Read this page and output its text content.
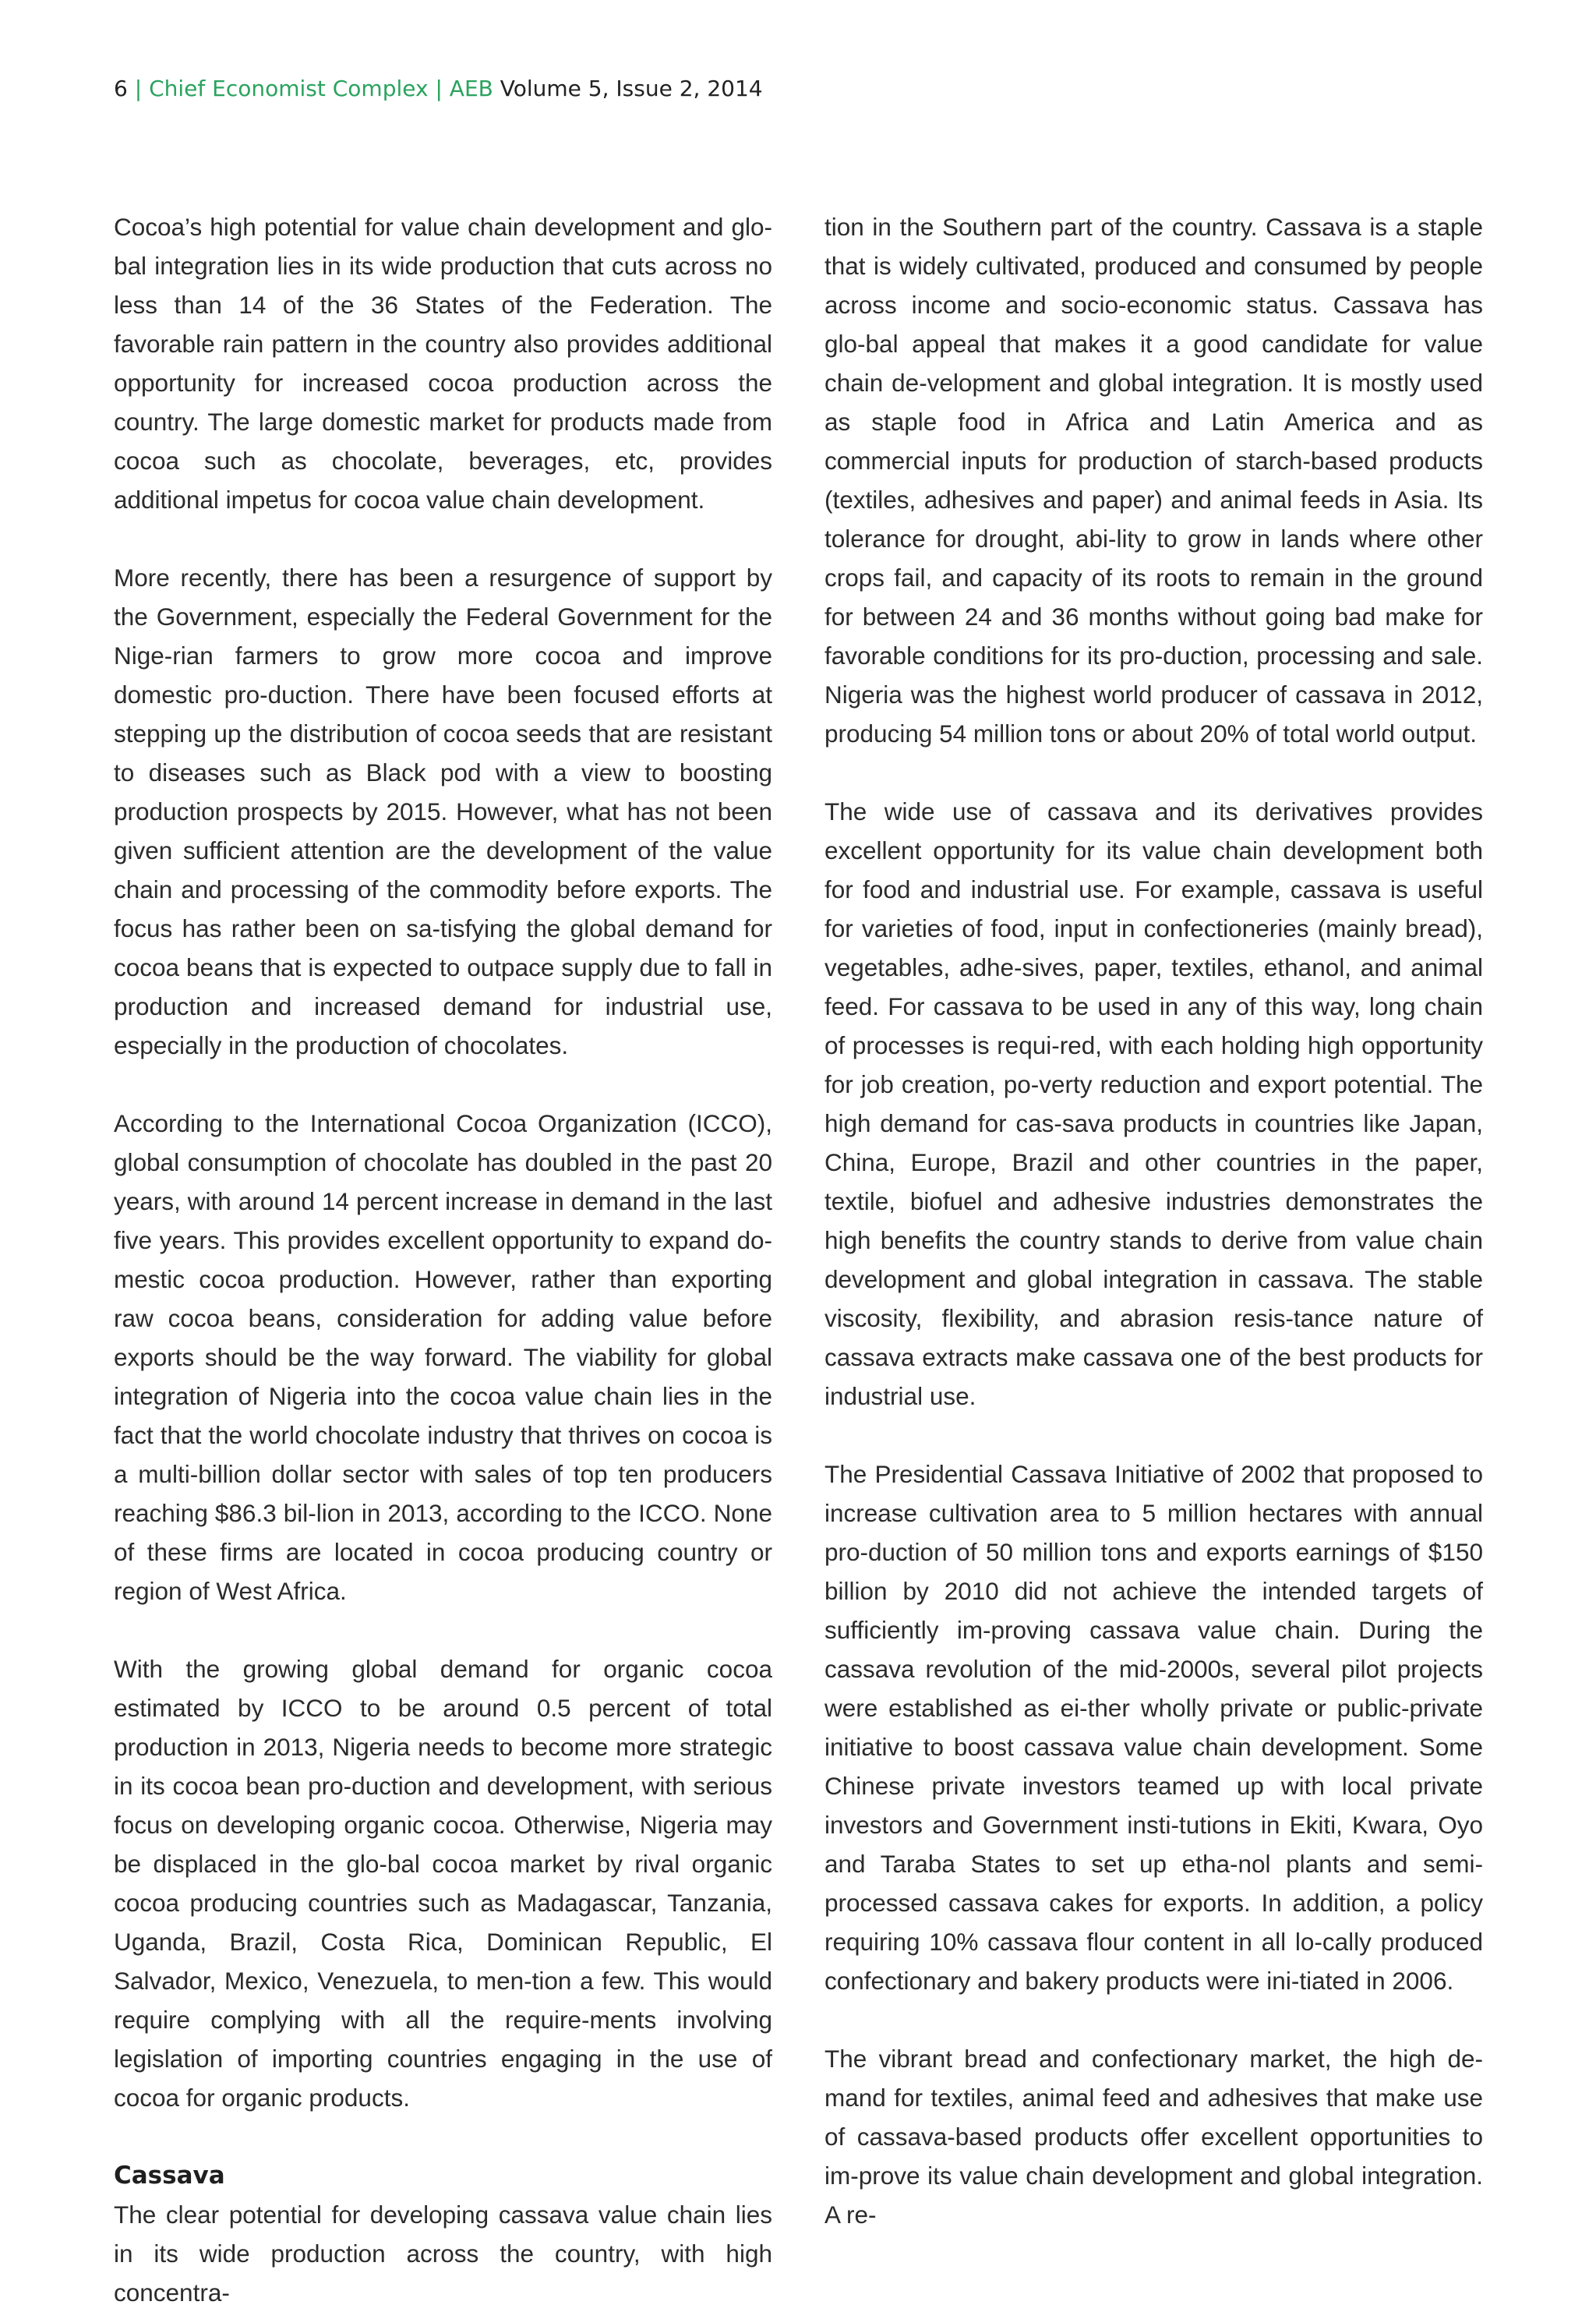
6 | Chief Economist Complex | AEB Volume 5, Issue 2, 2014

Cocoa’s high potential for value chain development and glo-bal integration lies in its wide production that cuts across no less than 14 of the 36 States of the Federation. The favorable rain pattern in the country also provides additional opportunity for increased cocoa production across the country. The large domestic market for products made from cocoa such as chocolate, beverages, etc, provides additional impetus for cocoa value chain development.

More recently, there has been a resurgence of support by the Government, especially the Federal Government for the Nige-rian farmers to grow more cocoa and improve domestic pro-duction. There have been focused efforts at stepping up the distribution of cocoa seeds that are resistant to diseases such as Black pod with a view to boosting production prospects by 2015. However, what has not been given sufficient attention are the development of the value chain and processing of the commodity before exports. The focus has rather been on sa-tisfying the global demand for cocoa beans that is expected to outpace supply due to fall in production and increased demand for industrial use, especially in the production of chocolates.

According to the International Cocoa Organization (ICCO), global consumption of chocolate has doubled in the past 20 years, with around 14 percent increase in demand in the last five years. This provides excellent opportunity to expand do-mestic cocoa production. However, rather than exporting raw cocoa beans, consideration for adding value before exports should be the way forward. The viability for global integration of Nigeria into the cocoa value chain lies in the fact that the world chocolate industry that thrives on cocoa is a multi-billion dollar sector with sales of top ten producers reaching $86.3 bil-lion in 2013, according to the ICCO. None of these firms are located in cocoa producing country or region of West Africa.

With the growing global demand for organic cocoa estimated by ICCO to be around 0.5 percent of total production in 2013, Nigeria needs to become more strategic in its cocoa bean pro-duction and development, with serious focus on developing organic cocoa. Otherwise, Nigeria may be displaced in the glo-bal cocoa market by rival organic cocoa producing countries such as Madagascar, Tanzania, Uganda, Brazil, Costa Rica, Dominican Republic, El Salvador, Mexico, Venezuela, to men-tion a few. This would require complying with all the require-ments involving legislation of importing countries engaging in the use of cocoa for organic products.

Cassava

The clear potential for developing cassava value chain lies in its wide production across the country, with high concentra-

tion in the Southern part of the country. Cassava is a staple that is widely cultivated, produced and consumed by people across income and socio-economic status. Cassava has glo-bal appeal that makes it a good candidate for value chain de-velopment and global integration. It is mostly used as staple food in Africa and Latin America and as commercial inputs for production of starch-based products (textiles, adhesives and paper) and animal feeds in Asia. Its tolerance for drought, abi-lity to grow in lands where other crops fail, and capacity of its roots to remain in the ground for between 24 and 36 months without going bad make for favorable conditions for its pro-duction, processing and sale. Nigeria was the highest world producer of cassava in 2012, producing 54 million tons or about 20% of total world output.

The wide use of cassava and its derivatives provides excellent opportunity for its value chain development both for food and industrial use. For example, cassava is useful for varieties of food, input in confectioneries (mainly bread), vegetables, adhe-sives, paper, textiles, ethanol, and animal feed. For cassava to be used in any of this way, long chain of processes is requi-red, with each holding high opportunity for job creation, po-verty reduction and export potential. The high demand for cas-sava products in countries like Japan, China, Europe, Brazil and other countries in the paper, textile, biofuel and adhesive industries demonstrates the high benefits the country stands to derive from value chain development and global integration in cassava. The stable viscosity, flexibility, and abrasion resis-tance nature of cassava extracts make cassava one of the best products for industrial use.

The Presidential Cassava Initiative of 2002 that proposed to increase cultivation area to 5 million hectares with annual pro-duction of 50 million tons and exports earnings of $150 billion by 2010 did not achieve the intended targets of sufficiently im-proving cassava value chain. During the cassava revolution of the mid-2000s, several pilot projects were established as ei-ther wholly private or public-private initiative to boost cassava value chain development. Some Chinese private investors teamed up with local private investors and Government insti-tutions in Ekiti, Kwara, Oyo and Taraba States to set up etha-nol plants and semi-processed cassava cakes for exports. In addition, a policy requiring 10% cassava flour content in all lo-cally produced confectionary and bakery products were ini-tiated in 2006.

The vibrant bread and confectionary market, the high de-mand for textiles, animal feed and adhesives that make use of cassava-based products offer excellent opportunities to im-prove its value chain development and global integration. A re-
